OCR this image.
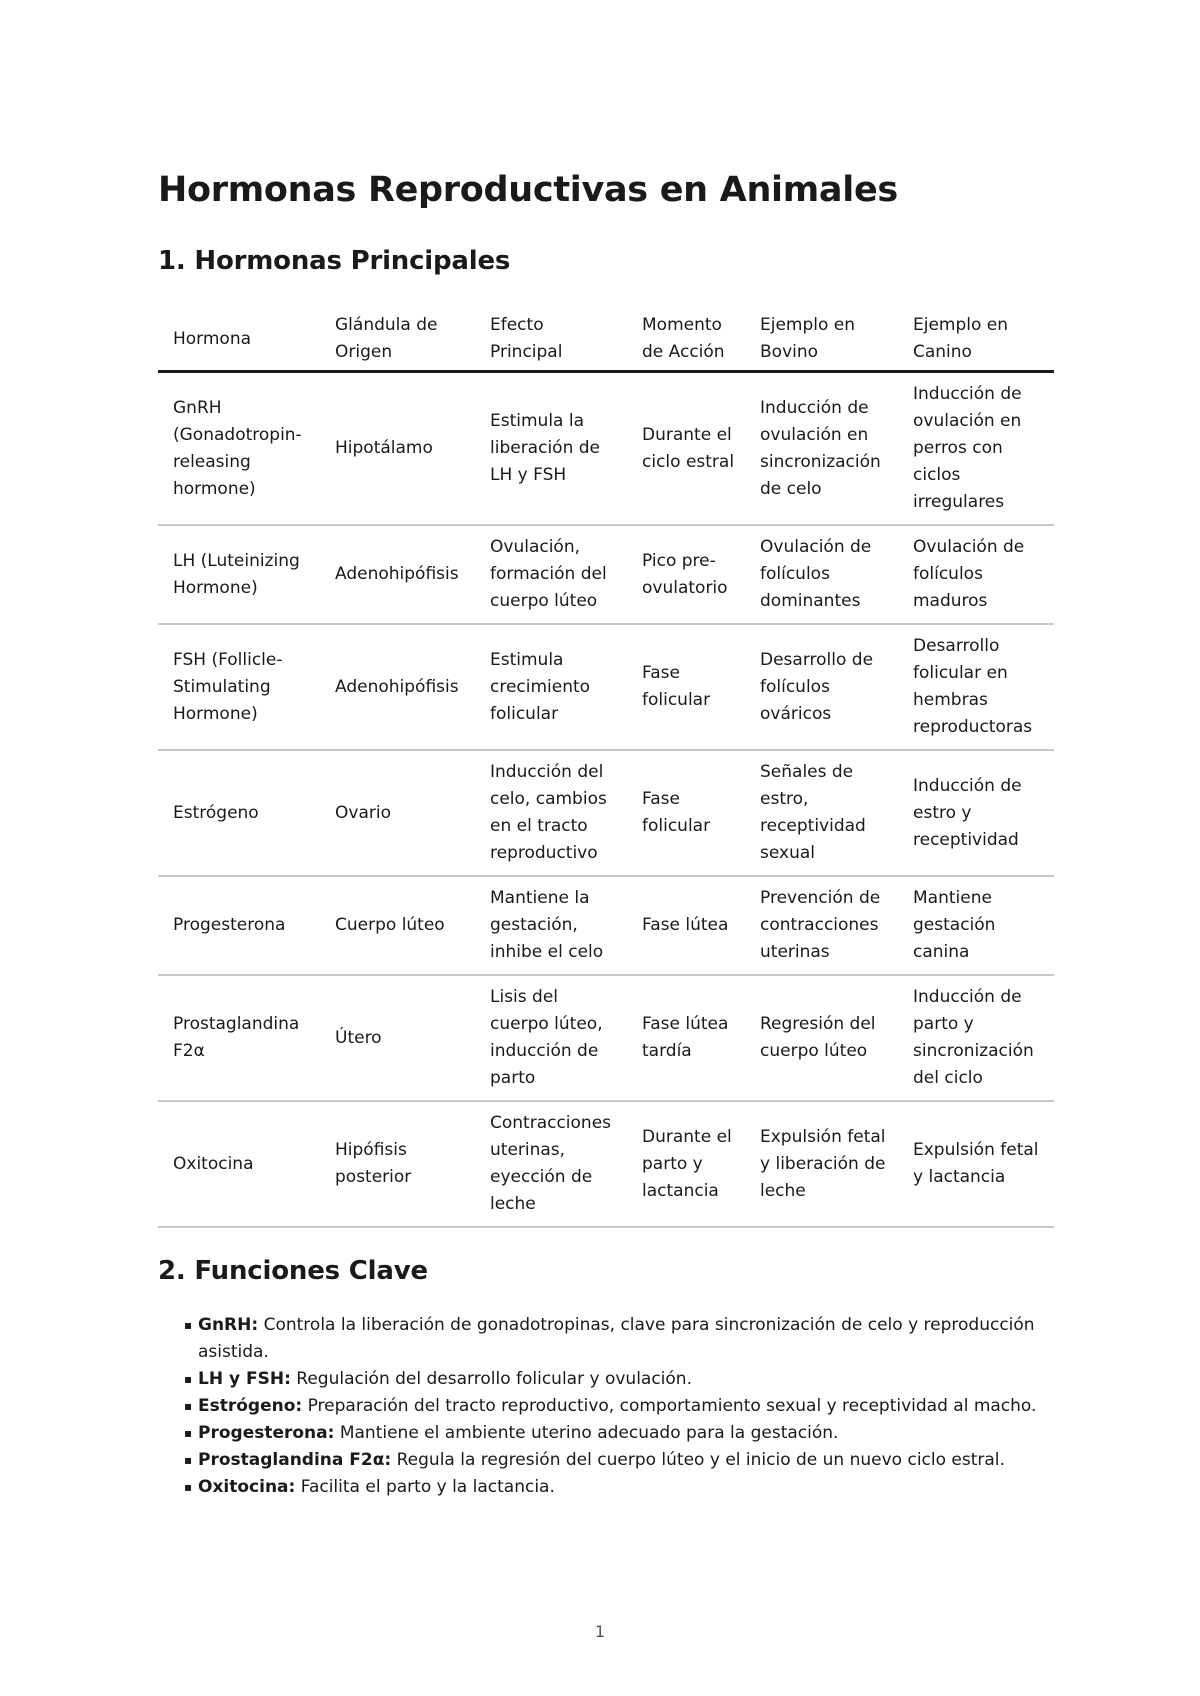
Hormonas Reproductivas en Animales
1. Hormonas Principales
Hormona	Glándula de Origen	Efecto Principal	Momento de Acción	Ejemplo en Bovino	Ejemplo en Canino
GnRH (Gonadotropin-releasing hormone)	Hipotálamo	Estimula la liberación de LH y FSH	Durante el ciclo estral	Inducción de ovulación en sincronización de celo	Inducción de ovulación en perros con ciclos irregulares
LH (Luteinizing Hormone)	Adenohipófisis	Ovulación, formación del cuerpo lúteo	Pico pre-ovulatorio	Ovulación de folículos dominantes	Ovulación de folículos maduros
FSH (Follicle-Stimulating Hormone)	Adenohipófisis	Estimula crecimiento folicular	Fase folicular	Desarrollo de folículos ováricos	Desarrollo folicular en hembras reproductoras
Estrógeno	Ovario	Inducción del celo, cambios en el tracto reproductivo	Fase folicular	Señales de estro, receptividad sexual	Inducción de estro y receptividad
Progesterona	Cuerpo lúteo	Mantiene la gestación, inhibe el celo	Fase lútea	Prevención de contracciones uterinas	Mantiene gestación canina
Prostaglandina F2α	Útero	Lisis del cuerpo lúteo, inducción de parto	Fase lútea tardía	Regresión del cuerpo lúteo	Inducción de parto y sincronización del ciclo
Oxitocina	Hipófisis posterior	Contracciones uterinas, eyección de leche	Durante el parto y lactancia	Expulsión fetal y liberación de leche	Expulsión fetal y lactancia
2. Funciones Clave
▪ GnRH: Controla la liberación de gonadotropinas, clave para sincronización de celo y reproducción asistida.
▪ LH y FSH: Regulación del desarrollo folicular y ovulación.
▪ Estrógeno: Preparación del tracto reproductivo, comportamiento sexual y receptividad al macho.
▪ Progesterona: Mantiene el ambiente uterino adecuado para la gestación.
▪ Prostaglandina F2α: Regula la regresión del cuerpo lúteo y el inicio de un nuevo ciclo estral.
▪ Oxitocina: Facilita el parto y la lactancia.
1
